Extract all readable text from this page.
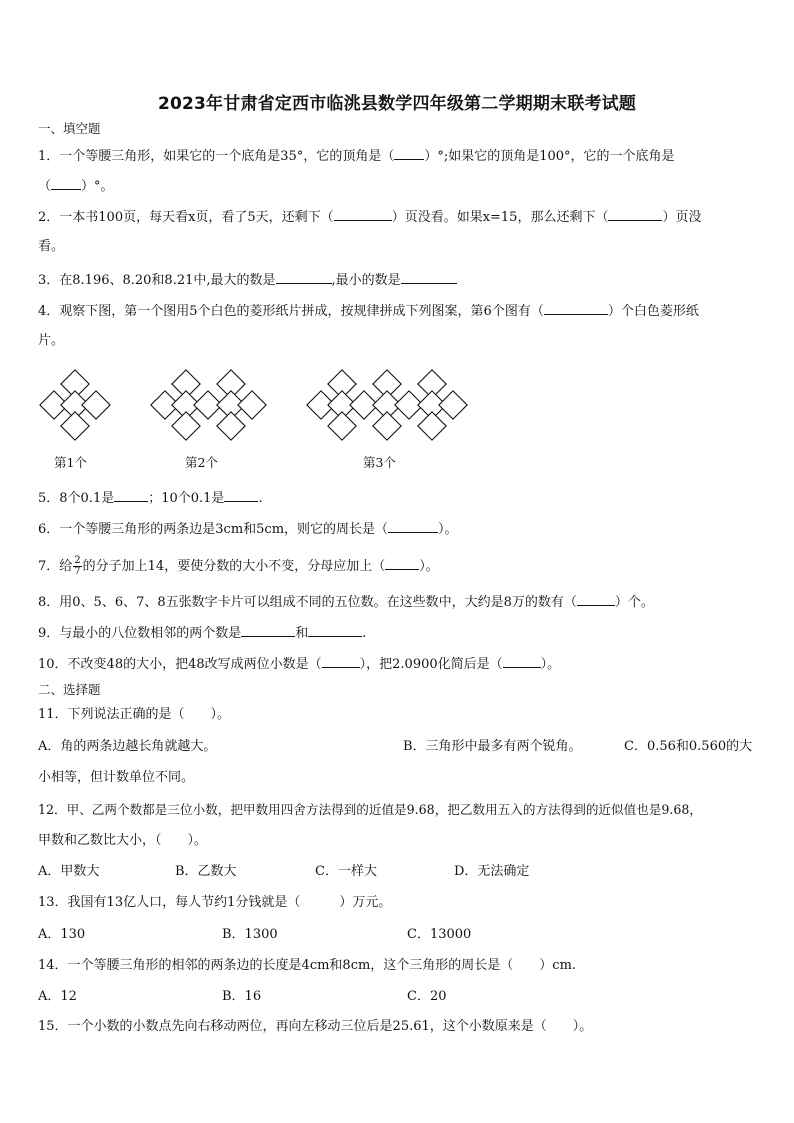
2023年甘肃省定西市临洮县数学四年级第二学期期末联考试题
一、填空题
1．一个等腰三角形，如果它的一个底角是35°，它的顶角是（ ）°;如果它的顶角是100°，它的一个底角是
（ ）°。
2．一本书100页，每天看x页，看了5天，还剩下（	）页没看。如果x=15，那么还剩下（	）页没
看。
3．在8.196、8.20和8.21中,最大的数是	,最小的数是
4．观察下图，第一个图用5个白色的菱形纸片拼成，按规律拼成下列图案，第6个图有（	）个白色菱形纸
片。
第1个	第2个	第3个
5．8个0.1是	；10个0.1是	.
6．一个等腰三角形的两条边是3cm和5cm，则它的周长是（	）。
7．给 $\frac{2}{7}$ 的分子加上14，要使分数的大小不变，分母应加上（	）。
8．用0、5、6、7、8五张数字卡片可以组成不同的五位数。在这些数中，大约是8万的数有（	）个。
9．与最小的八位数相邻的两个数是	和	.
10．不改变48的大小，把48改写成两位小数是（	），把2.0900化简后是（	）。
二、选择题
11．下列说法正确的是（　　）。
A．角的两条边越长角就越大。	B．三角形中最多有两个锐角。	C．0.56和0.560的大
小相等，但计数单位不同。
12．甲、乙两个数都是三位小数，把甲数用四舍方法得到的近值是9.68，把乙数用五入的方法得到的近似值也是9.68，
甲数和乙数比大小，（　　）。
A．甲数大	B．乙数大	C．一样大	D．无法确定
13．我国有13亿人口，每人节约1分钱就是（　　　）万元。
A．130	B．1300	C．13000
14．一个等腰三角形的相邻的两条边的长度是4cm和8cm，这个三角形的周长是（　　）cm.
A．12	B．16	C．20
15．一个小数的小数点先向右移动两位，再向左移动三位后是25.61，这个小数原来是（　　）。
